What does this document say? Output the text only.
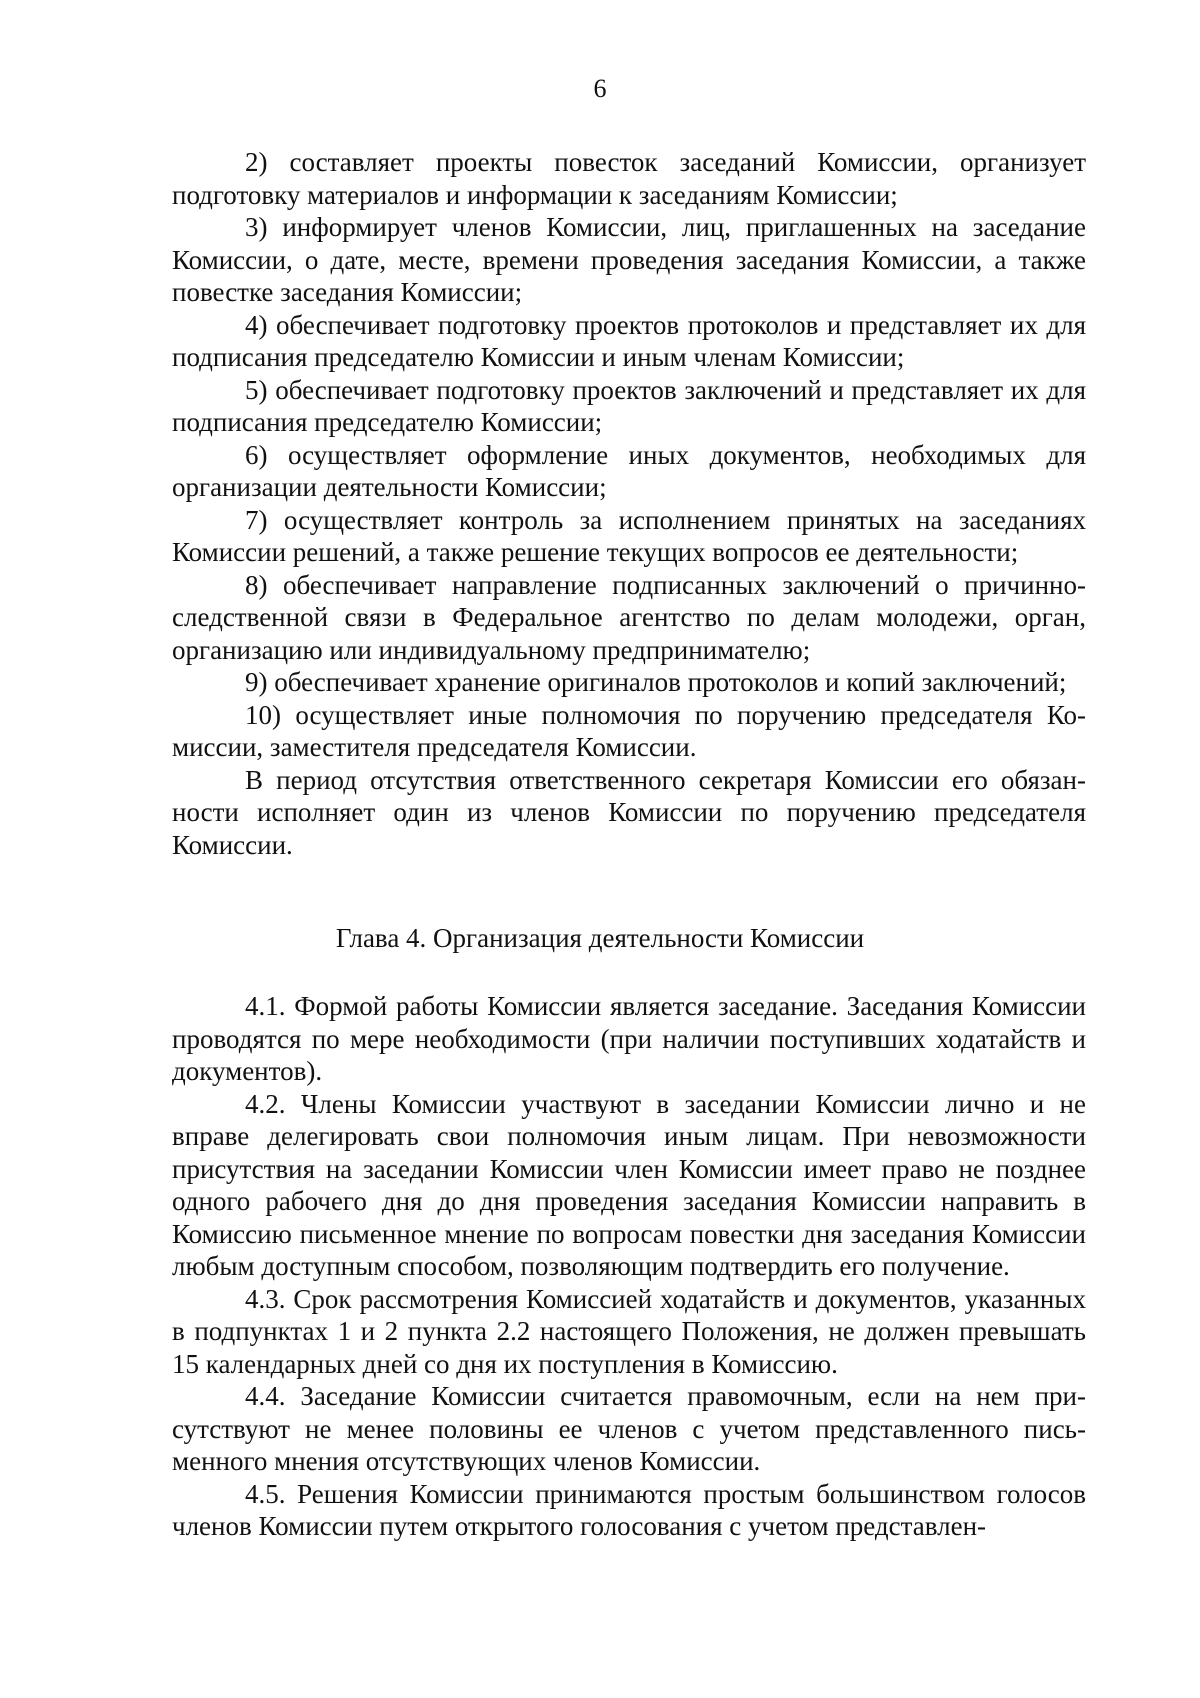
6

2) составляет проекты повесток заседаний Комиссии, организует подготовку материалов и информации к заседаниям Комиссии;

3) информирует членов Комиссии, лиц, приглашенных на заседание Комиссии, о дате, месте, времени проведения заседания Комиссии, а также повестке заседания Комиссии;

4) обеспечивает подготовку проектов протоколов и представляет их для подписания председателю Комиссии и иным членам Комиссии;

5) обеспечивает подготовку проектов заключений и представляет их для подписания председателю Комиссии;

6) осуществляет оформление иных документов, необходимых для организации деятельности Комиссии;

7) осуществляет контроль за исполнением принятых на заседаниях Комиссии решений, а также решение текущих вопросов ее деятельности;

8) обеспечивает направление подписанных заключений о причинно-следственной связи в Федеральное агентство по делам молодежи, орган, организацию или индивидуальному предпринимателю;

9) обеспечивает хранение оригиналов протоколов и копий заключений;

10) осуществляет иные полномочия по поручению председателя Комиссии, заместителя председателя Комиссии.

В период отсутствия ответственного секретаря Комиссии его обязанности исполняет один из членов Комиссии по поручению председателя Комиссии.

Глава 4. Организация деятельности Комиссии

4.1. Формой работы Комиссии является заседание. Заседания Комиссии проводятся по мере необходимости (при наличии поступивших ходатайств и документов).

4.2. Члены Комиссии участвуют в заседании Комиссии лично и не вправе делегировать свои полномочия иным лицам. При невозможности присутствия на заседании Комиссии член Комиссии имеет право не позднее одного рабочего дня до дня проведения заседания Комиссии направить в Комиссию письменное мнение по вопросам повестки дня заседания Комиссии любым доступным способом, позволяющим подтвердить его получение.

4.3. Срок рассмотрения Комиссией ходатайств и документов, указанных в подпунктах 1 и 2 пункта 2.2 настоящего Положения, не должен превышать 15 календарных дней со дня их поступления в Комиссию.

4.4. Заседание Комиссии считается правомочным, если на нем присутствуют не менее половины ее членов с учетом представленного письменного мнения отсутствующих членов Комиссии.

4.5. Решения Комиссии принимаются простым большинством голосов членов Комиссии путем открытого голосования с учетом представлен-
